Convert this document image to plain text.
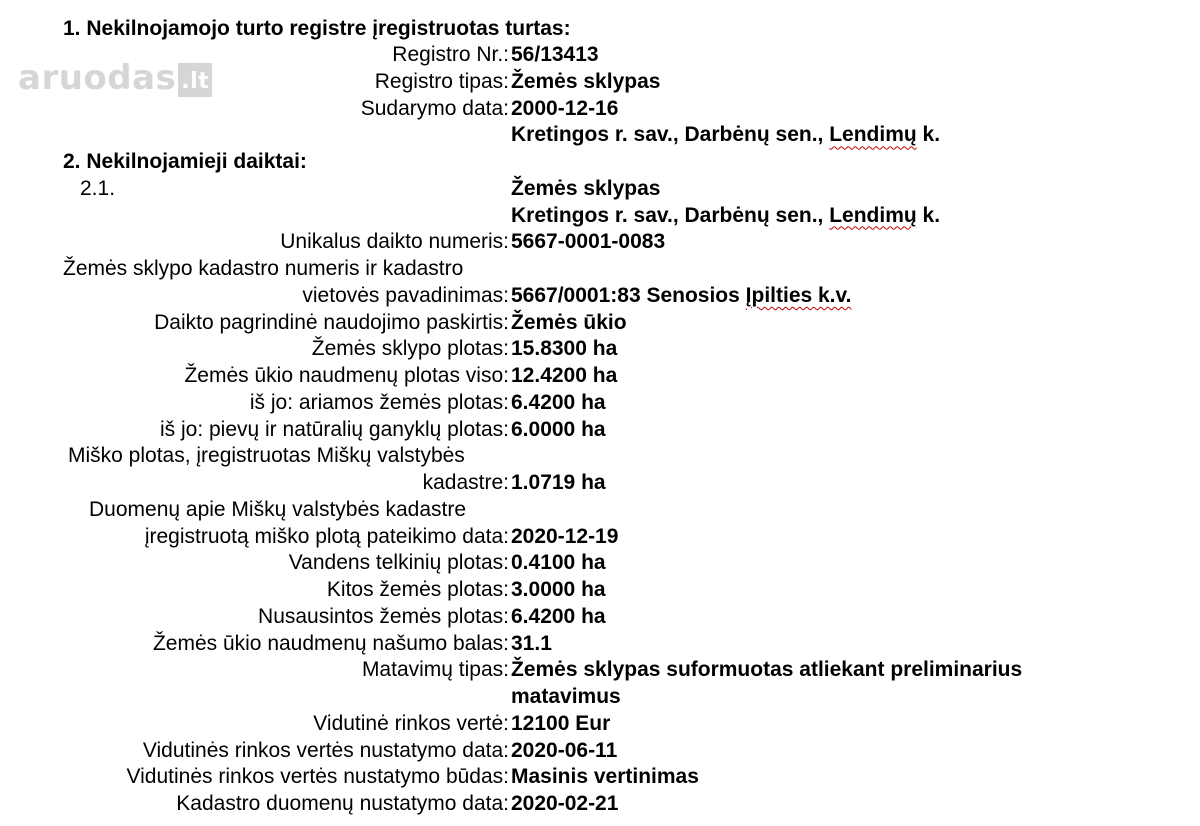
aruodas .lt
1. Nekilnojamojo turto registre įregistruotas turtas:
Registro Nr.: 56/13413
Registro tipas: Žemės sklypas
Sudarymo data: 2000-12-16
Kretingos r. sav., Darbėnų sen., Lendimų k.
2. Nekilnojamieji daiktai:
2.1.	Žemės sklypas
Kretingos r. sav., Darbėnų sen., Lendimų k.
Unikalus daikto numeris: 5667-0001-0083
Žemės sklypo kadastro numeris ir kadastro
vietovės pavadinimas: 5667/0001:83 Senosios Įpilties k.v.
Daikto pagrindinė naudojimo paskirtis: Žemės ūkio
Žemės sklypo plotas: 15.8300 ha
Žemės ūkio naudmenų plotas viso: 12.4200 ha
iš jo: ariamos žemės plotas: 6.4200 ha
iš jo: pievų ir natūralių ganyklų plotas: 6.0000 ha
Miško plotas, įregistruotas Miškų valstybės
kadastre: 1.0719 ha
Duomenų apie Miškų valstybės kadastre
įregistruotą miško plotą pateikimo data: 2020-12-19
Vandens telkinių plotas: 0.4100 ha
Kitos žemės plotas: 3.0000 ha
Nusausintos žemės plotas: 6.4200 ha
Žemės ūkio naudmenų našumo balas: 31.1
Matavimų tipas: Žemės sklypas suformuotas atliekant preliminarius
matavimus
Vidutinė rinkos vertė: 12100 Eur
Vidutinės rinkos vertės nustatymo data: 2020-06-11
Vidutinės rinkos vertės nustatymo būdas: Masinis vertinimas
Kadastro duomenų nustatymo data: 2020-02-21
